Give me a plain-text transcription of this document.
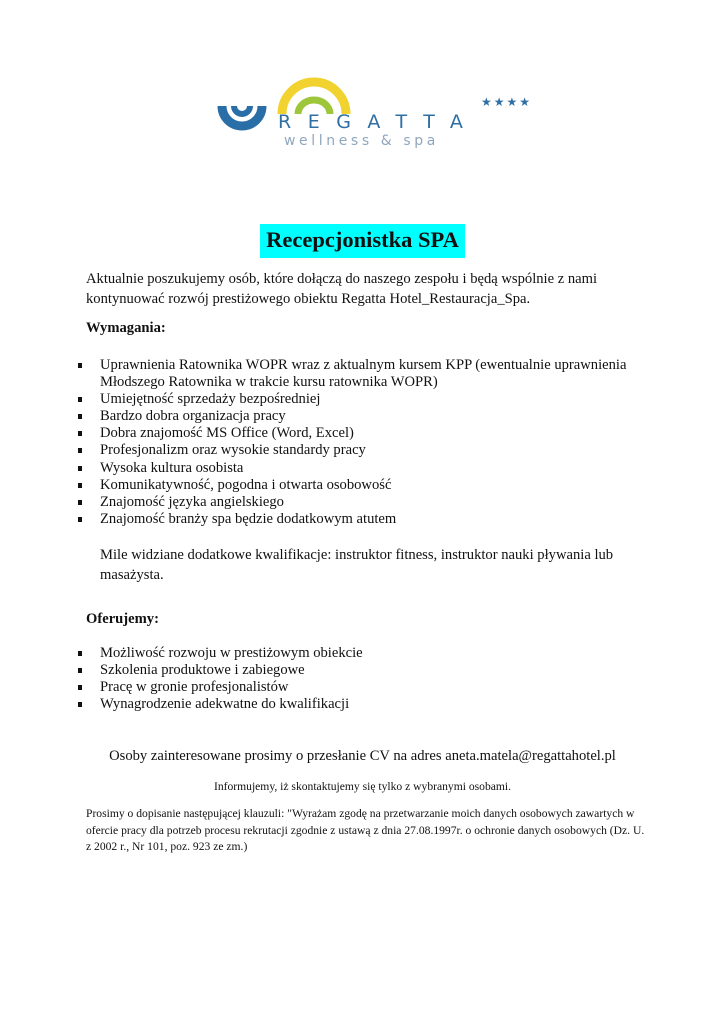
★★★★
REGATTA
wellness & spa
Recepcjonistka SPA
Aktualnie poszukujemy osób, które dołączą do naszego zespołu i będą wspólnie z nami kontynuować rozwój prestiżowego obiektu Regatta Hotel_Restauracja_Spa.
Wymagania:
Uprawnienia Ratownika WOPR wraz z aktualnym kursem KPP (ewentualnie uprawnienia Młodszego Ratownika w trakcie kursu ratownika WOPR)
Umiejętność sprzedaży bezpośredniej
Bardzo dobra organizacja pracy
Dobra znajomość MS Office (Word, Excel)
Profesjonalizm oraz wysokie standardy pracy
Wysoka kultura osobista
Komunikatywność, pogodna i otwarta osobowość
Znajomość języka angielskiego
Znajomość branży spa będzie dodatkowym atutem
Mile widziane dodatkowe kwalifikacje: instruktor fitness, instruktor nauki pływania lub masażysta.
Oferujemy:
Możliwość rozwoju w prestiżowym obiekcie
Szkolenia produktowe i zabiegowe
Pracę w gronie profesjonalistów
Wynagrodzenie adekwatne do kwalifikacji
Osoby zainteresowane prosimy o przesłanie CV na adres aneta.matela@regattahotel.pl
Informujemy, iż skontaktujemy się tylko z wybranymi osobami.
Prosimy o dopisanie następującej klauzuli: "Wyrażam zgodę na przetwarzanie moich danych osobowych zawartych w ofercie pracy dla potrzeb procesu rekrutacji zgodnie z ustawą z dnia 27.08.1997r. o ochronie danych osobowych (Dz. U. z 2002 r., Nr 101, poz. 923 ze zm.)
